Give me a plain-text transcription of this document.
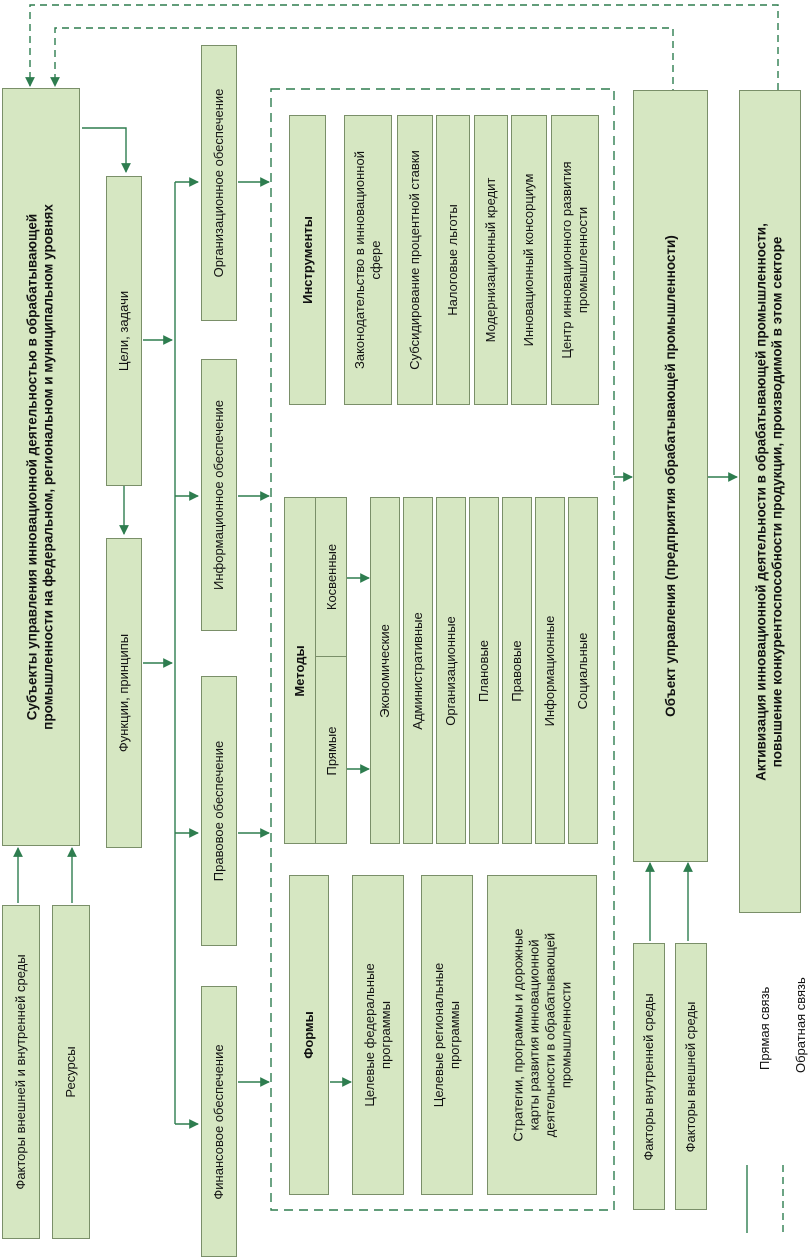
Субъекты управления инновационной деятельностью в обрабатывающей
промышленности на федеральном, региональном и муниципальном уровнях
Факторы внешней и внутренней среды	Ресурсы
Цели, задачи
Функции, принципы
Организационное обеспечение
Информационное обеспечение
Правовое обеспечение
Финансовое обеспечение
Инструменты	Законодательство в инновационной
сфере Субсидирование процентной ставки Налоговые льготы Модернизационный кредит Инновационный консорциум Центр инновационного развития
промышленности
Методы
Косвенные
Прямые
Экономические Административные Организационные Плановые Правовые Информационные Социальные
Формы
Целевые федеральные
программы
Целевые региональные
программы
Стратегии, программы и дорожные
карты развития инновационной
деятельности в обрабатывающей
промышленности
Объект управления (предприятия обрабатывающей промышленности)
Факторы внутренней среды Факторы внешней среды
Активизация инновационной деятельности в обрабатывающей промышленности,
повышение конкурентоспособности продукции, производимой в этом секторе
Прямая связь Обратная связь
